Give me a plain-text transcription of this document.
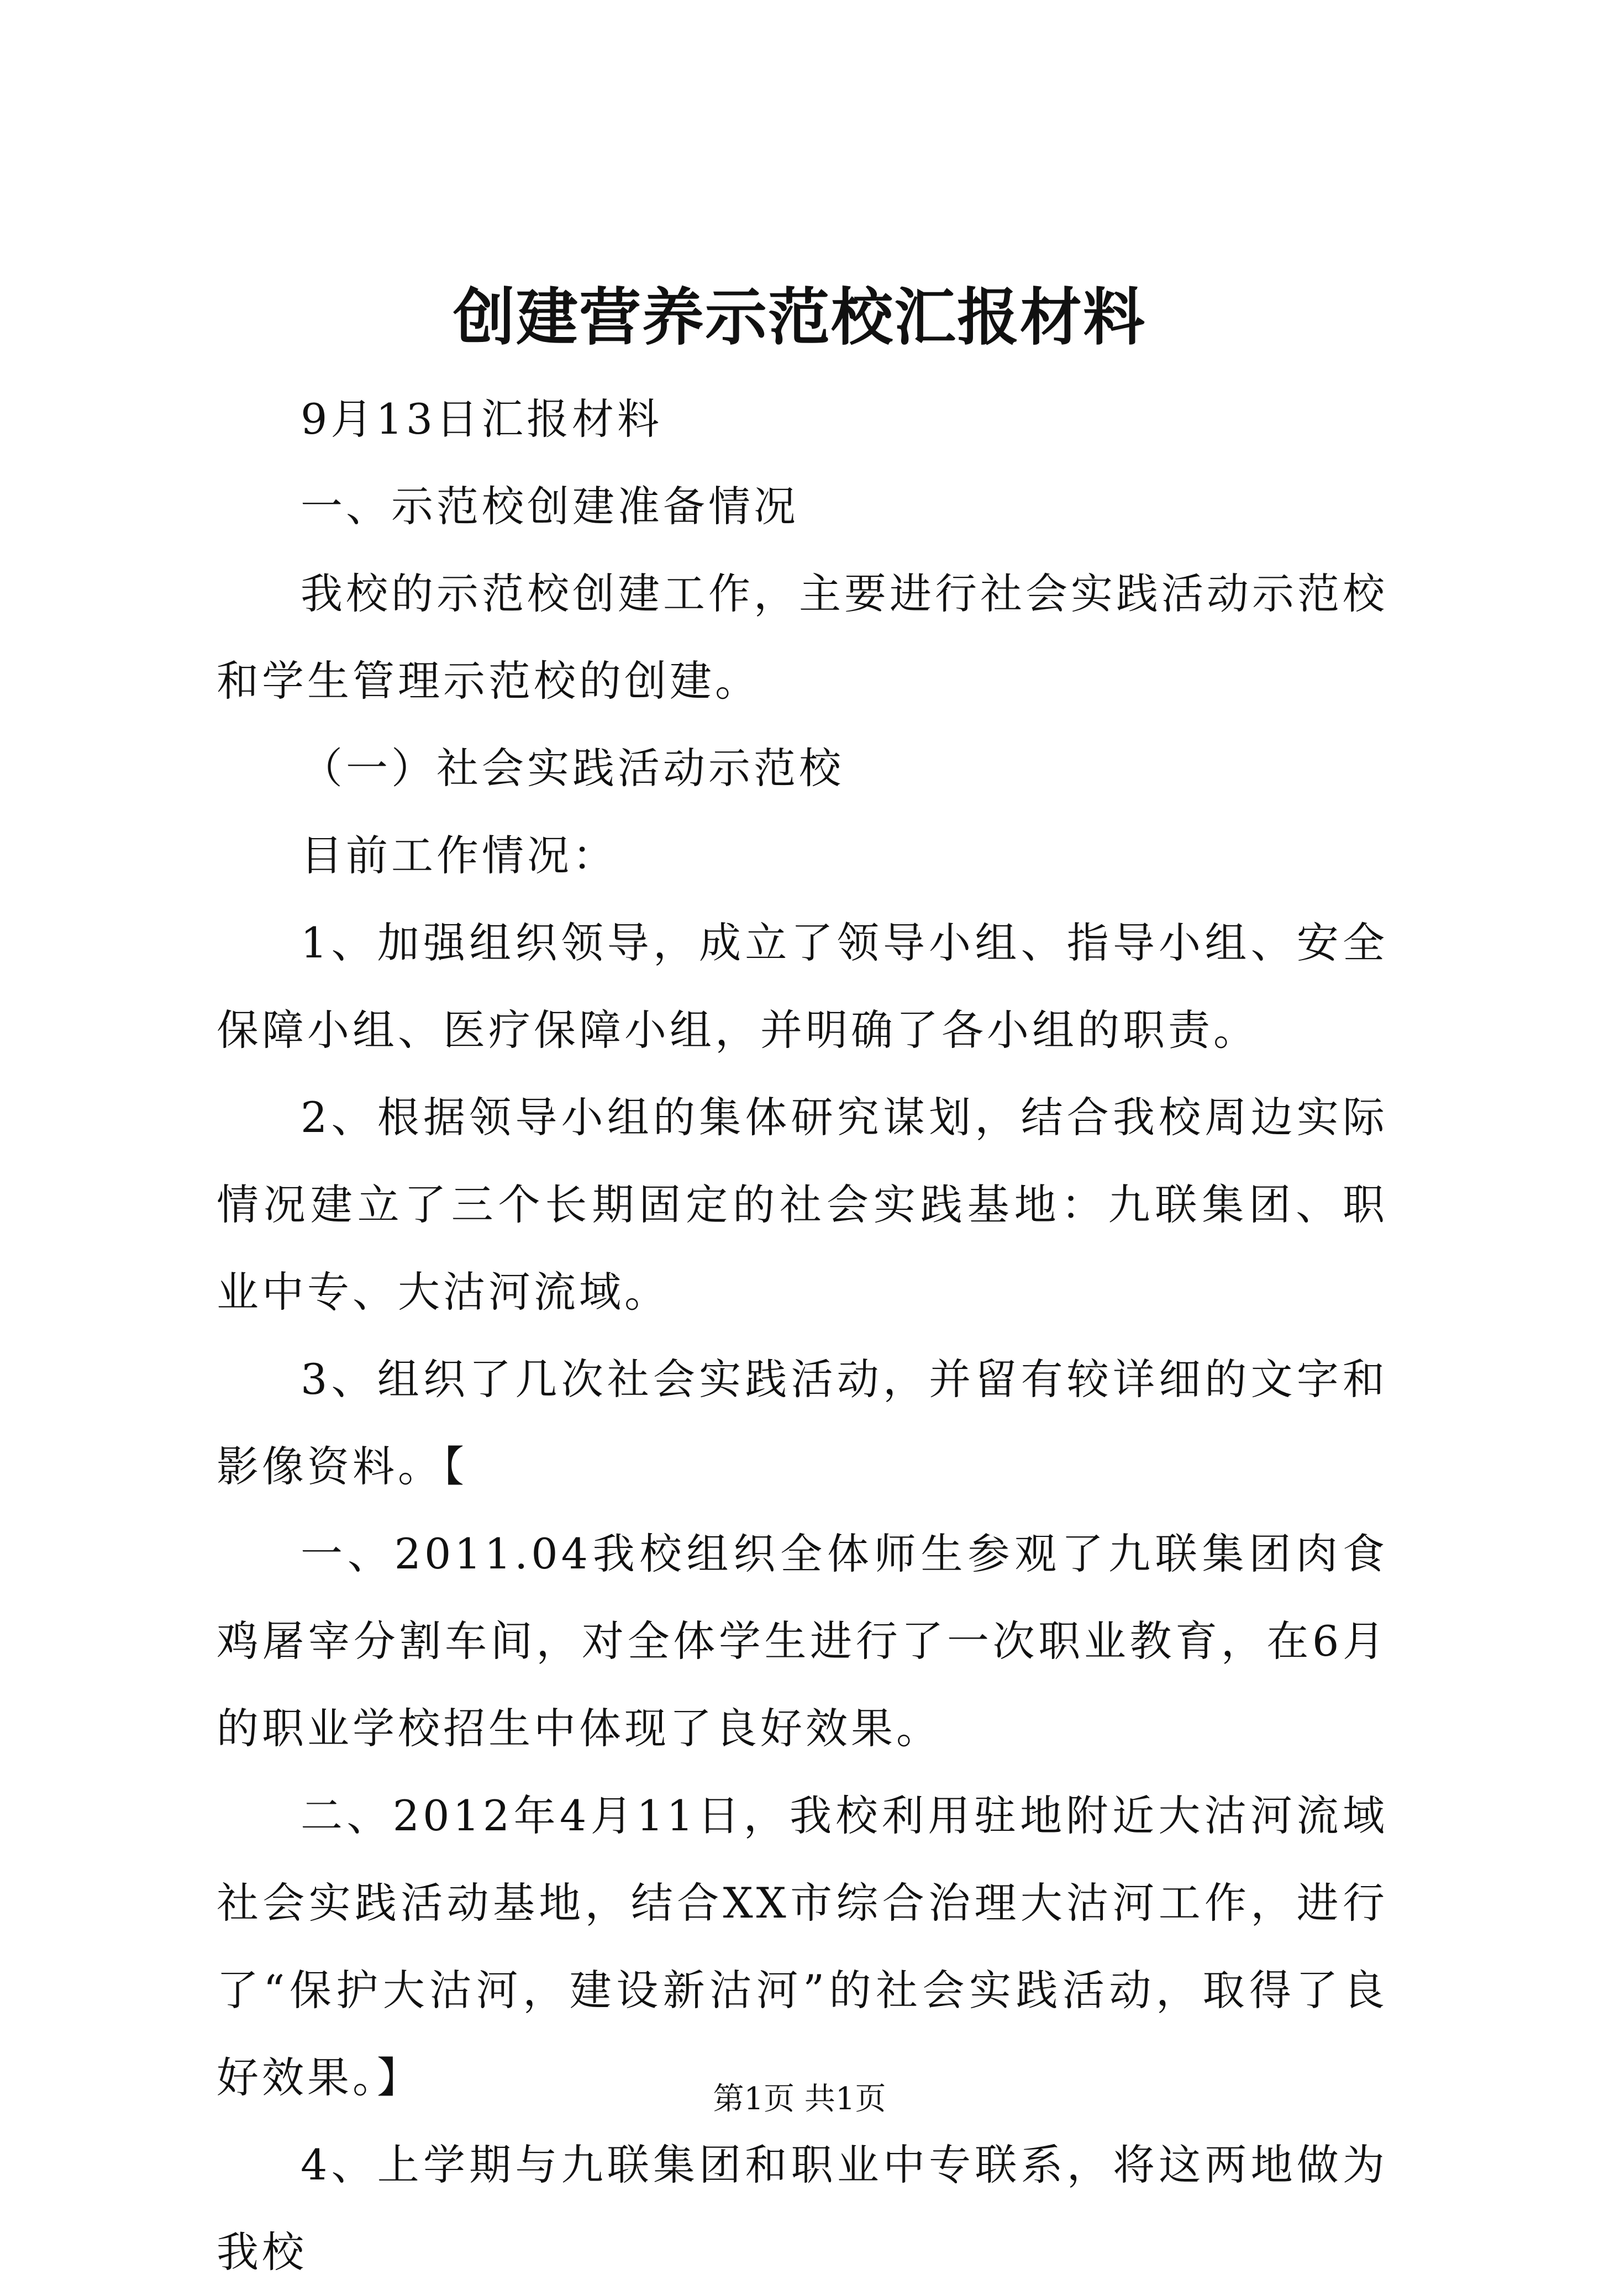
创建营养示范校汇报材料

9月13日汇报材料

一、示范校创建准备情况

我校的示范校创建工作，主要进行社会实践活动示范校和学生管理示范校的创建。

（一）社会实践活动示范校

目前工作情况：

1、加强组织领导，成立了领导小组、指导小组、安全保障小组、医疗保障小组，并明确了各小组的职责。

2、根据领导小组的集体研究谋划，结合我校周边实际情况建立了三个长期固定的社会实践基地：九联集团、职业中专、大沽河流域。

3、组织了几次社会实践活动，并留有较详细的文字和影像资料。【

一、2011.04我校组织全体师生参观了九联集团肉食鸡屠宰分割车间，对全体学生进行了一次职业教育，在6月的职业学校招生中体现了良好效果。

二、2012年4月11日，我校利用驻地附近大沽河流域社会实践活动基地，结合XX市综合治理大沽河工作，进行了“保护大沽河，建设新沽河”的社会实践活动，取得了良好效果。】

4、上学期与九联集团和职业中专联系，将这两地做为我校

第1页 共1页
